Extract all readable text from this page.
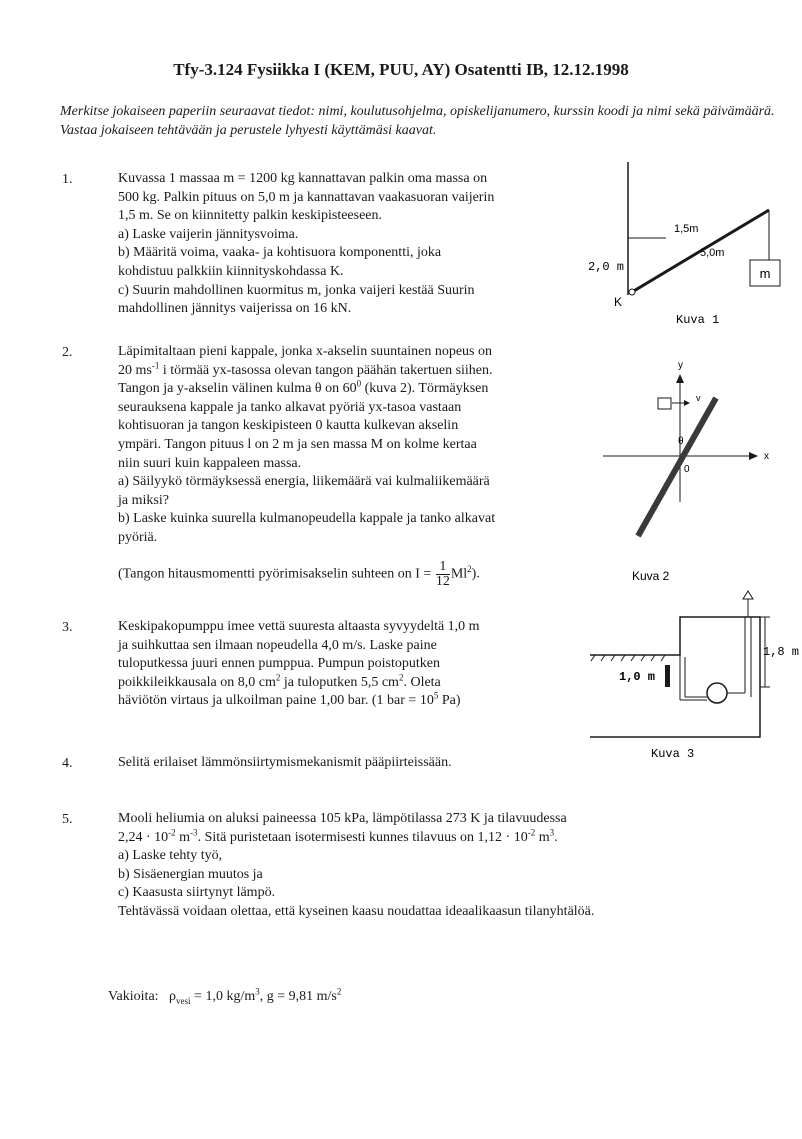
Tfy-3.124 Fysiikka I (KEM, PUU, AY) Osatentti IB, 12.12.1998
Merkitse jokaiseen paperiin seuraavat tiedot: nimi, koulutusohjelma, opiskelijanumero, kurssin koodi ja nimi sekä päivämäärä. Vastaa jokaiseen tehtävään ja perustele lyhyesti käyttämäsi kaavat.
1.	Kuvassa 1 massaa m = 1200 kg kannattavan palkin oma massa on

500 kg. Palkin pituus on 5,0 m ja kannattavan vaakasuoran vaijerin

1,5 m. Se on kiinnitetty palkin keskipisteeseen.

a) Laske vaijerin jännitysvoima.

b) Määritä voima, vaaka- ja kohtisuora komponentti, joka

kohdistuu palkkiin kiinnityskohdassa K.

c) Suurin mahdollinen kuormitus m, jonka vaijeri kestää Suurin

mahdollinen jännitys vaijerissa on 16 kN.

m
1,5m
5,0m
2,0 m
K
Kuva 1
2.	Läpimitaltaan pieni kappale, jonka x-akselin suuntainen nopeus on

20 $ms^{-1}$ i törmää yx-tasossa olevan tangon päähän takertuen siihen.

Tangon ja y-akselin välinen kulma θ on $60^0$ (kuva 2). Törmäyksen

seurauksena kappale ja tanko alkavat pyöriä yx-tasoa vastaan

kohtisuoran ja tangon keskipisteen 0 kautta kulkevan akselin

ympäri. Tangon pituus l on 2 m ja sen massa M on kolme kertaa

niin suuri kuin kappaleen massa.

a) Säilyykö törmäyksessä energia, liikemäärä vai kulmaliikemäärä

ja miksi?

b) Laske kuinka suurella kulmanopeudella kappale ja tanko alkavat

pyöriä.

(Tangon hitausmomentti pyörimisakselin suhteen on $I = \frac{1}{12} Ml^2$).
v
y
x
θ
0
Kuva 2
3.	Keskipakopumppu imee vettä suuresta altaasta syvyydeltä 1,0 m

ja suihkuttaa sen ilmaan nopeudella 4,0 m/s. Laske paine

tuloputkessa juuri ennen pumppua. Pumpun poistoputken

poikkileikkausala on 8,0 $cm^2$ ja tuloputken 5,5 $cm^2$. Oleta

häviötön virtaus ja ulkoilman paine 1,00 bar. (1 bar = $10^5$ Pa)

1,8 m
1,0 m
Kuva 3
4.	Selitä erilaiset lämmönsiirtymismekanismit pääpiirteissään.
5.	Mooli heliumia on aluksi paineessa 105 kPa, lämpötilassa 273 K ja tilavuudessa

$2,24 \cdot 10^{-2}$ $m^{-3}$. Sitä puristetaan isotermisesti kunnes tilavuus on $1,12 \cdot 10^{-2}$ $m^3$.

a) Laske tehty työ,

b) Sisäenergian muutos ja

c) Kaasusta siirtynyt lämpö.

Tehtävässä voidaan olettaa, että kyseinen kaasu noudattaa ideaalikaasun tilanyhtälöä.

Vakioita: $\rho_{vesi} = 1,0$ $kg/m^3$, g = 9,81 $m/s^2$
